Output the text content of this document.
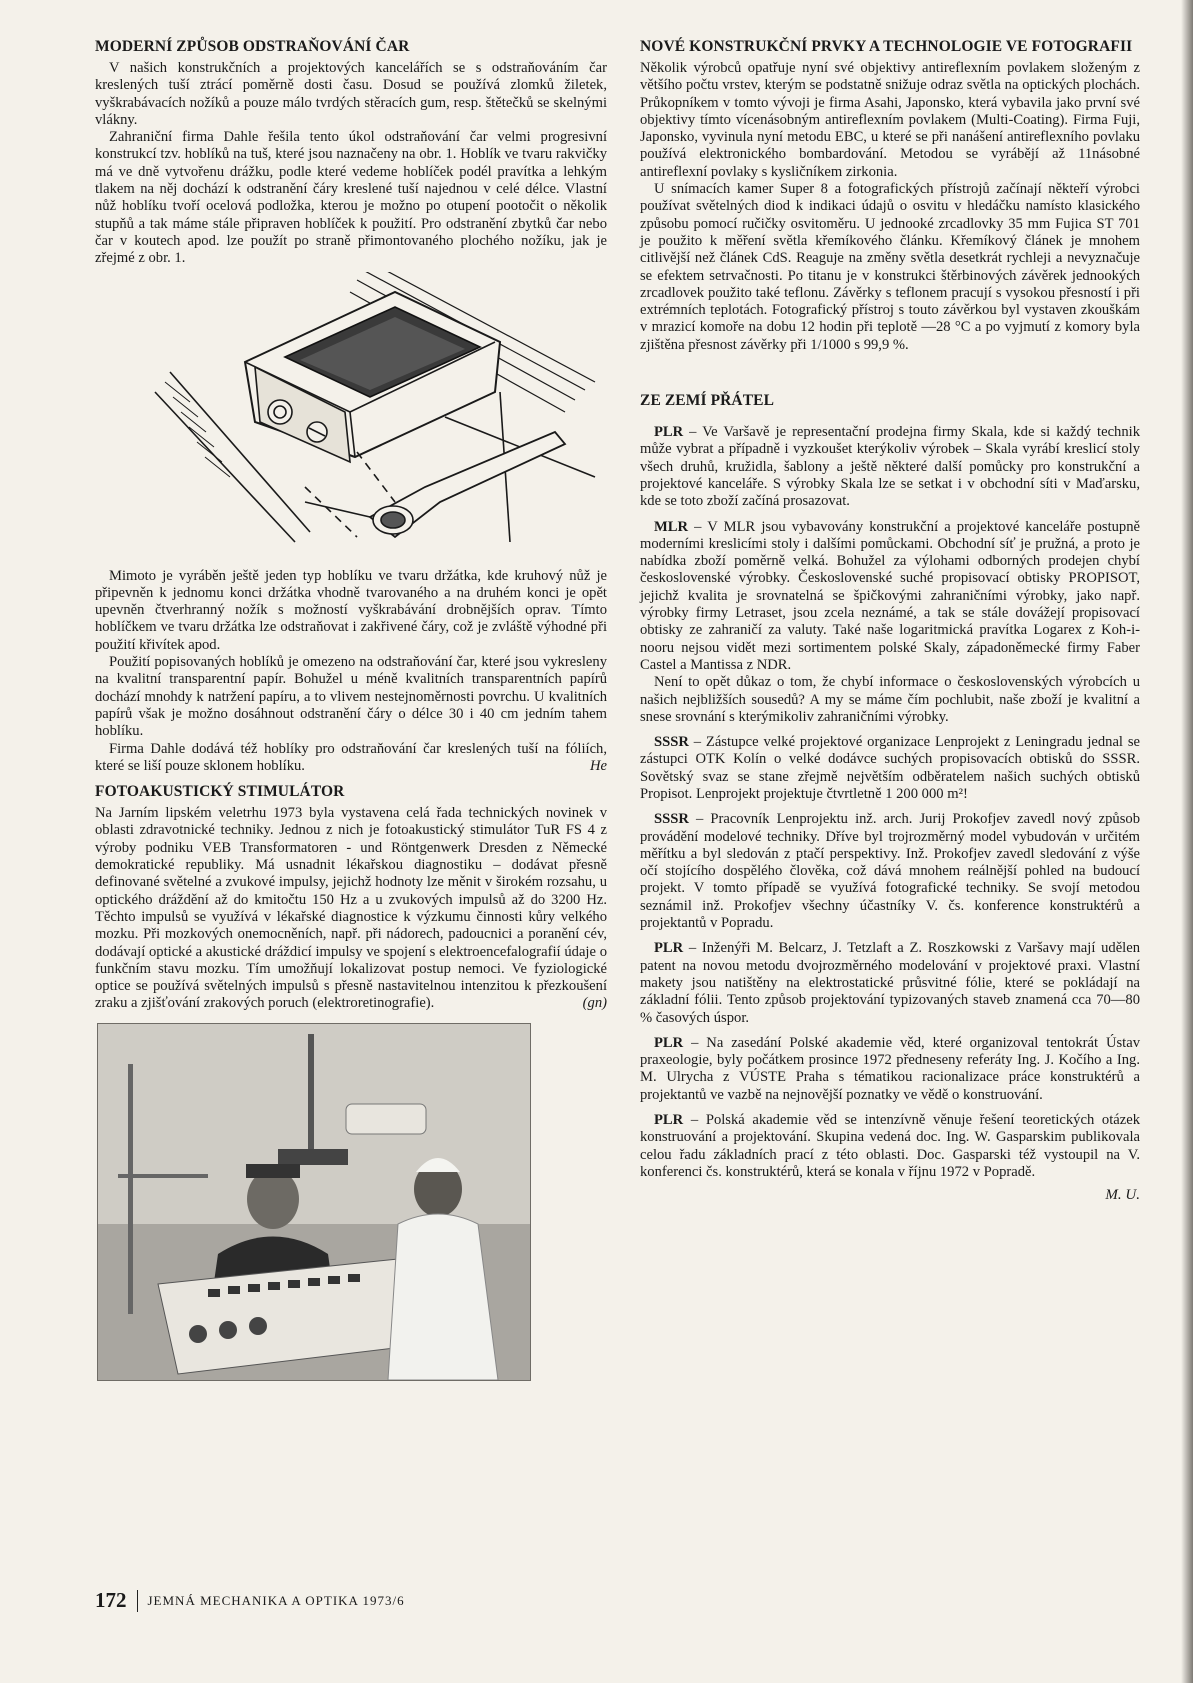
MODERNÍ ZPŮSOB ODSTRAŇOVÁNÍ ČAR

V našich konstrukčních a projektových kancelářích se s odstraňováním čar kreslených tuší ztrácí poměrně dosti času. Dosud se používá zlomků žiletek, vyškrabávacích nožíků a pouze málo tvrdých stěracích gum, resp. štětečků se skelnými vlákny.

Zahraniční firma Dahle řešila tento úkol odstraňování čar velmi progresivní konstrukcí tzv. hoblíků na tuš, které jsou naznačeny na obr. 1. Hoblík ve tvaru rakvičky má ve dně vytvořenu drážku, podle které vedeme hoblíček podél pravítka a lehkým tlakem na něj dochází k odstranění čáry kreslené tuší najednou v celé délce. Vlastní nůž hoblíku tvoří ocelová podložka, kterou je možno po otupení pootočit o několik stupňů a tak máme stále připraven hoblíček k použití. Pro odstranění zbytků čar nebo čar v koutech apod. lze použít po straně přimontovaného plochého nožíku, jak je zřejmé z obr. 1.

Mimoto je vyráběn ještě jeden typ hoblíku ve tvaru držátka, kde kruhový nůž je připevněn k jednomu konci držátka vhodně tvarovaného a na druhém konci je opět upevněn čtverhranný nožík s možností vyškrabávání drobnějších oprav. Tímto hoblíčkem ve tvaru držátka lze odstraňovat i zakřivené čáry, což je zvláště výhodné při použití křivítek apod.

Použití popisovaných hoblíků je omezeno na odstraňování čar, které jsou vykresleny na kvalitní transparentní papír. Bohužel u méně kvalitních transparentních papírů dochází mnohdy k natržení papíru, a to vlivem nestejnoměrnosti povrchu. U kvalitních papírů však je možno dosáhnout odstranění čáry o délce 30 i 40 cm jedním tahem hoblíku.

Firma Dahle dodává též hoblíky pro odstraňování čar kreslených tuší na fóliích, které se liší pouze sklonem hoblíku.	He

FOTOAKUSTICKÝ STIMULÁTOR

Na Jarním lipském veletrhu 1973 byla vystavena celá řada technických novinek v oblasti zdravotnické techniky. Jednou z nich je fotoakustický stimulátor TuR FS 4 z výroby podniku VEB Transformatoren - und Röntgenwerk Dresden z Německé demokratické republiky. Má usnadnit lékařskou diagnostiku – dodávat přesně definované světelné a zvukové impulsy, jejichž hodnoty lze měnit v širokém rozsahu, u optického dráždění až do kmitočtu 150 Hz a u zvukových impulsů až do 3200 Hz. Těchto impulsů se využívá v lékařské diagnostice k výzkumu činnosti kůry velkého mozku. Při mozkových onemocněních, např. při nádorech, padoucnici a poranění cév, dodávají optické a akustické dráždicí impulsy ve spojení s elektroencefalografií údaje o funkčním stavu mozku. Tím umožňují lokalizovat postup nemoci. Ve fyziologické optice se používá světelných impulsů s přesně nastavitelnou intenzitou k přezkoušení zraku a zjišťování zrakových poruch (elektroretinografie).	(gn)

NOVÉ KONSTRUKČNÍ PRVKY A TECHNOLOGIE VE FOTOGRAFII

Několik výrobců opatřuje nyní své objektivy antireflexním povlakem složeným z většího počtu vrstev, kterým se podstatně snižuje odraz světla na optických plochách. Průkopníkem v tomto vývoji je firma Asahi, Japonsko, která vybavila jako první své objektivy tímto vícenásobným antireflexním povlakem (Multi-Coating). Firma Fuji, Japonsko, vyvinula nyní metodu EBC, u které se při nanášení antireflexního povlaku používá elektronického bombardování. Metodou se vyrábějí až 11násobné antireflexní povlaky s kysličníkem zirkonia.

U snímacích kamer Super 8 a fotografických přístrojů začínají někteří výrobci používat světelných diod k indikaci údajů o osvitu v hledáčku namísto klasického způsobu pomocí ručičky osvitoměru. U jednooké zrcadlovky 35 mm Fujica ST 701 je použito k měření světla křemíkového článku. Křemíkový článek je mnohem citlivější než článek CdS. Reaguje na změny světla desetkrát rychleji a nevyznačuje se efektem setrvačnosti. Po titanu je v konstrukci štěrbinových závěrek jednookých zrcadlovek použito také teflonu. Závěrky s teflonem pracují s vysokou přesností i při extrémních teplotách. Fotografický přístroj s touto závěrkou byl vystaven zkouškám v mrazicí komoře na dobu 12 hodin při teplotě —28 °C a po vyjmutí z komory byla zjištěna přesnost závěrky při 1/1000 s 99,9 %.

ZE ZEMÍ PŘÁTEL

PLR – Ve Varšavě je representační prodejna firmy Skala, kde si každý technik může vybrat a případně i vyzkoušet kterýkoliv výrobek – Skala vyrábí kreslicí stoly všech druhů, kružidla, šablony a ještě některé další pomůcky pro konstrukční a projektové kanceláře. S výrobky Skala lze se setkat i v obchodní síti v Maďarsku, kde se toto zboží začíná prosazovat.

MLR – V MLR jsou vybavovány konstrukční a projektové kanceláře postupně moderními kreslicími stoly i dalšími pomůckami. Obchodní síť je pružná, a proto je nabídka zboží poměrně velká. Bohužel za výlohami odborných prodejen chybí československé výrobky. Československé suché propisovací obtisky PROPISOT, jejichž kvalita je srovnatelná se špičkovými zahraničními výrobky, jako např. výrobky firmy Letraset, jsou zcela neznámé, a tak se stále dovážejí propisovací obtisky ze zahraničí za valuty. Také naše logaritmická pravítka Logarex z Koh-i-nooru nejsou vidět mezi sortimentem polské Skaly, západoněmecké firmy Faber Castel a Mantissa z NDR.

Není to opět důkaz o tom, že chybí informace o československých výrobcích u našich nejbližších sousedů? A my se máme čím pochlubit, naše zboží je kvalitní a snese srovnání s kterýmikoliv zahraničními výrobky.

SSSR – Zástupce velké projektové organizace Lenprojekt z Leningradu jednal se zástupci OTK Kolín o velké dodávce suchých propisovacích obtisků do SSSR. Sovětský svaz se stane zřejmě největším odběratelem našich suchých obtisků Propisot. Lenprojekt projektuje čtvrtletně 1 200 000 m²!

SSSR – Pracovník Lenprojektu inž. arch. Jurij Prokofjev zavedl nový způsob provádění modelové techniky. Dříve byl trojrozměrný model vybudován v určitém měřítku a byl sledován z ptačí perspektivy. Inž. Prokofjev zavedl sledování z výše očí stojícího dospělého člověka, což dává mnohem reálnější pohled na budoucí projekt. V tomto případě se využívá fotografické techniky. Se svojí metodou seznámil inž. Prokofjev všechny účastníky V. čs. konference konstruktérů a projektantů v Popradu.

PLR – Inženýři M. Belcarz, J. Tetzlaft a Z. Roszkowski z Varšavy mají udělen patent na novou metodu dvojrozměrného modelování v projektové praxi. Vlastní makety jsou natištěny na elektrostatické průsvitné fólie, které se pokládají na základní fólii. Tento způsob projektování typizovaných staveb znamená cca 70—80 % časových úspor.

PLR – Na zasedání Polské akademie věd, které organizoval tentokrát Ústav praxeologie, byly počátkem prosince 1972 předneseny referáty Ing. J. Kočího a Ing. M. Ulrycha z VÚSTE Praha s tématikou racionalizace práce konstruktérů a projektantů ve vazbě na nejnovější poznatky ve vědě o konstruování.

PLR – Polská akademie věd se intenzívně věnuje řešení teoretických otázek konstruování a projektování. Skupina vedená doc. Ing. W. Gasparskim publikovala celou řadu základních prací z této oblasti. Doc. Gasparski též vystoupil na V. konferenci čs. konstruktérů, která se konala v říjnu 1972 v Popradě.

M. U.
172 JEMNÁ MECHANIKA A OPTIKA 1973/6
